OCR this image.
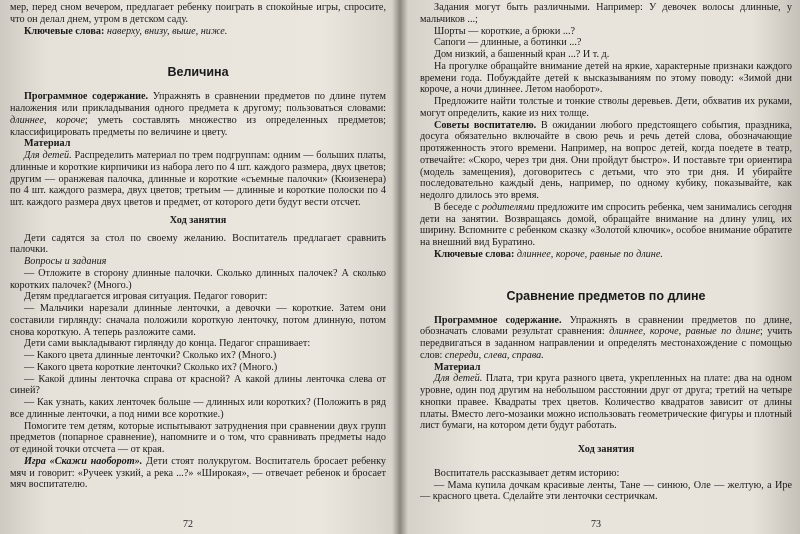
мер, перед сном вечером, предлагает ребенку поиграть в спокойные игры, спросите, что он делал днем, утром в детском саду.

Ключевые слова: наверху, внизу, выше, ниже.

Величина

Программное содержание. Упражнять в сравнении предметов по длине путем наложения или прикладывания одного предмета к другому; пользоваться словами: длиннее, короче; уметь составлять множество из определенных предметов; классифицировать предметы по величине и цвету.

Материал

Для детей. Распределить материал по трем подгруппам: одним — больших платы, длинные и короткие кирпичики из набора лего по 4 шт. каждого размера, двух цветов; другим — оранжевая палочка, длинные и короткие «съемные палочки» (Кюизенера) по 4 шт. каждого размера, двух цветов; третьим — длинные и короткие полоски по 4 шт. каждого размера двух цветов и предмет, от которого дети будут вести отсчет.

Ход занятия

Дети садятся за стол по своему желанию. Воспитатель предлагает сравнить палочки.

Вопросы и задания

— Отложите в сторону длинные палочки. Сколько длинных палочек? А сколько коротких палочек? (Много.)

Детям предлагается игровая ситуация. Педагог говорит:

— Мальчики нарезали длинные ленточки, а девочки — короткие. Затем они составили гирлянду: сначала положили короткую ленточку, потом длинную, потом снова короткую. А теперь разложите сами.

Дети сами выкладывают гирлянду до конца. Педагог спрашивает:

— Какого цвета длинные ленточки? Сколько их? (Много.)

— Какого цвета короткие ленточки? Сколько их? (Много.)

— Какой длины ленточка справа от красной? А какой длины ленточка слева от синей?

— Как узнать, каких ленточек больше — длинных или коротких? (Положить в ряд все длинные ленточки, а под ними все короткие.)

Помогите тем детям, которые испытывают затруднения при сравнении двух групп предметов (попарное сравнение), напомните и о том, что сравнивать предметы надо от единой точки отсчета — от края.

Игра «Скажи наоборот». Дети стоят полукругом. Воспитатель бросает ребенку мяч и говорит: «Ручеек узкий, а река ...?» «Широкая», — отвечает ребенок и бросает мяч воспитателю.

72

Задания могут быть различными. Например: У девочек волосы длинные, у мальчиков ...;

Шорты — короткие, а брюки ...?

Сапоги — длинные, а ботинки ...?

Дом низкий, а башенный кран ...? И т. д.

На прогулке обращайте внимание детей на яркие, характерные признаки каждого времени года. Побуждайте детей к высказываниям по этому поводу: «Зимой дни короче, а ночи длиннее. Летом наоборот».

Предложите найти толстые и тонкие стволы деревьев. Дети, обхватив их руками, могут определить, какие из них толще.

Советы воспитателю. В ожидании любого предстоящего события, праздника, досуга обязательно включайте в свою речь и речь детей слова, обозначающие протяженность этого времени. Например, на вопрос детей, когда поедете в театр, отвечайте: «Скоро, через три дня. Они пройдут быстро». И поставьте три ориентира (модель замещения), договоритесь с детьми, что это три дня. И убирайте последовательно каждый день, например, по одному кубику, показывайте, как недолго длилось это время.

В беседе с родителями предложите им спросить ребенка, чем занимались сегодня дети на занятии. Возвращаясь домой, обращайте внимание на длину улиц, их ширину. Вспомните с ребенком сказку «Золотой ключик», особое внимание обратите на внешний вид Буратино.

Ключевые слова: длиннее, короче, равные по длине.

Сравнение предметов по длине

Программное содержание. Упражнять в сравнении предметов по длине, обозначать словами результат сравнения: длиннее, короче, равные по длине; учить передвигаться в заданном направлении и определять местонахождение с помощью слов: спереди, слева, справа.

Материал

Для детей. Плата, три круга разного цвета, укрепленных на плате: два на одном уровне, один под другим на небольшом расстоянии друг от друга; третий на четыре кнопки правее. Квадраты трех цветов. Количество квадратов зависит от длины платы. Вместо лего-мозаики можно использовать геометрические фигуры и плотный лист бумаги, на котором дети будут работать.

Ход занятия

Воспитатель рассказывает детям историю:

— Мама купила дочкам красивые ленты, Тане — синюю, Оле — желтую, а Ире — красного цвета. Сделайте эти ленточки сестричкам.

73
